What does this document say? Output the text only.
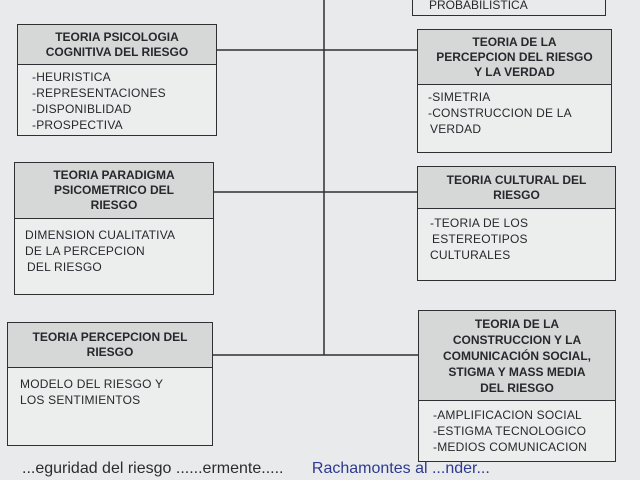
TEORIA PSICOLOGIA
COGNITIVA DEL RIESGO
-HEURISTICA
-REPRESENTACIONES
-DISPONIBLIDAD
-PROSPECTIVA
TEORIA PARADIGMA
PSICOMETRICO DEL
RIESGO
DIMENSION CUALITATIVA
DE LA PERCEPCION
DEL RIESGO
TEORIA PERCEPCION DEL
RIESGO
MODELO DEL RIESGO Y
LOS SENTIMIENTOS
PROBABILISTICA
TEORIA DE LA
PERCEPCION DEL RIESGO
Y LA VERDAD
-SIMETRIA
-CONSTRUCCION DE LA
VERDAD
TEORIA CULTURAL DEL
RIESGO
-TEORIA DE LOS
ESTEREOTIPOS
CULTURALES
TEORIA DE LA
CONSTRUCCION Y LA
COMUNICACIÓN SOCIAL,
STIGMA Y MASS MEDIA
DEL RIESGO
-AMPLIFICACION SOCIAL
-ESTIGMA TECNOLOGICO
-MEDIOS COMUNICACION
...eguridad del riesgo ......ermente..... Rachamontes al ...nder...
